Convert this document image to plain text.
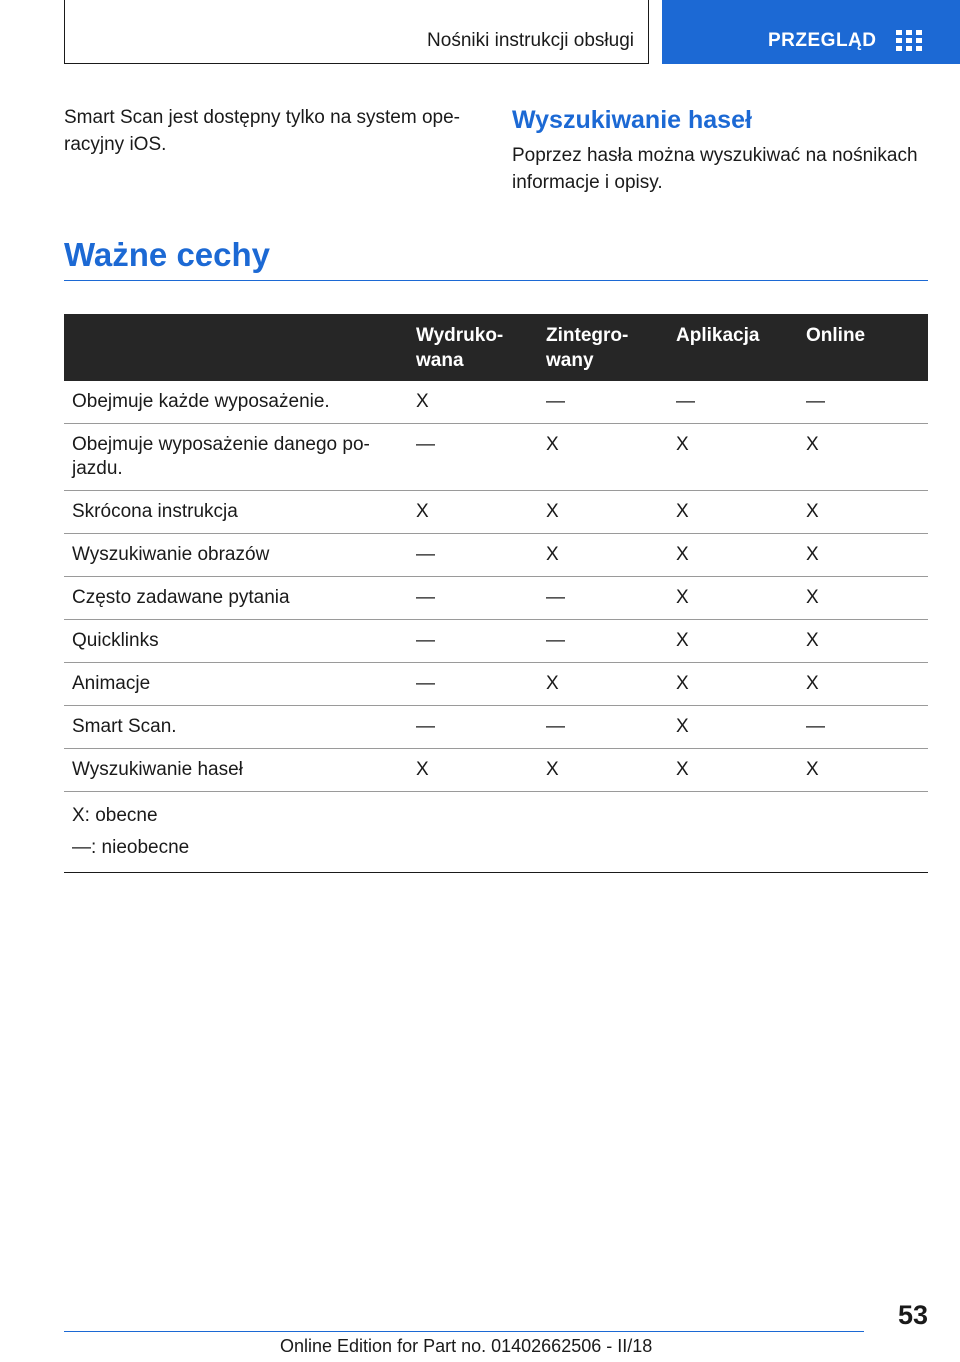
Nośniki instrukcji obsługi	PRZEGLĄD
Smart Scan jest dostępny tylko na system ope-racyjny iOS.
Wyszukiwanie haseł

Poprzez hasła można wyszukiwać na nośnikach informacje i opisy.

Ważne cechy
	Wydruko-wana	Zintegro-wany	Aplikacja	Online
Obejmuje każde wyposażenie.	X	—	—	—
Obejmuje wyposażenie danego po-jazdu.	—	X	X	X
Skrócona instrukcja	X	X	X	X
Wyszukiwanie obrazów	—	X	X	X
Często zadawane pytania	—	—	X	X
Quicklinks	—	—	X	X
Animacje	—	X	X	X
Smart Scan.	—	—	X	—
Wyszukiwanie haseł	X	X	X	X

X: obecne
—: nieobecne				
53
Online Edition for Part no. 01402662506 - II/18
